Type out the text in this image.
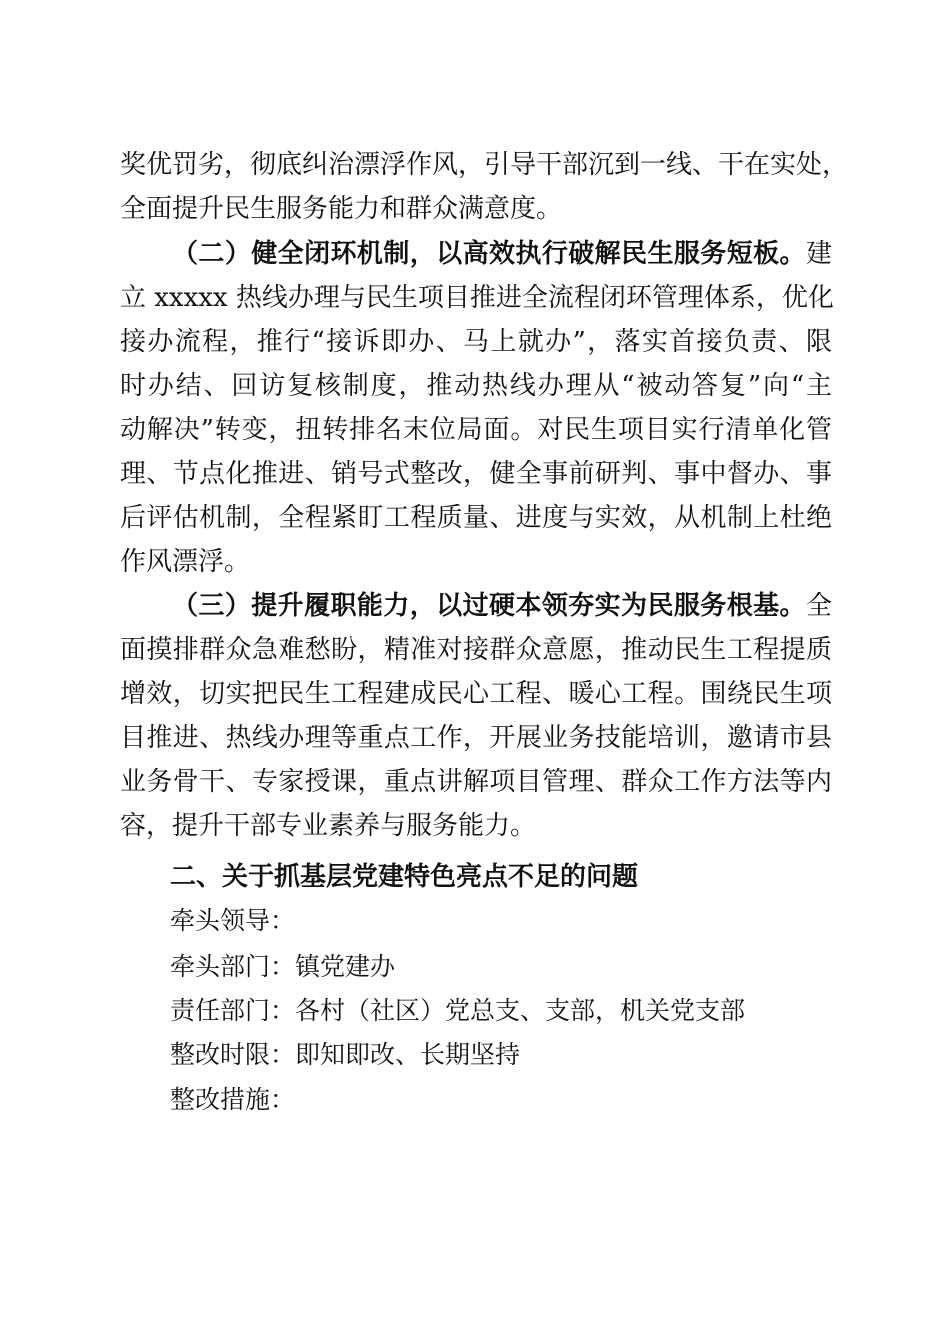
奖优罚劣，彻底纠治漂浮作风，引导干部沉到一线、干在实处，
全面提升民生服务能力和群众满意度。
（二）健全闭环机制，以高效执行破解民生服务短板。建
立 xxxxx 热线办理与民生项目推进全流程闭环管理体系，优化
接办流程，推行“接诉即办、马上就办”，落实首接负责、限
时办结、回访复核制度，推动热线办理从“被动答复”向“主
动解决”转变，扭转排名末位局面。对民生项目实行清单化管
理、节点化推进、销号式整改，健全事前研判、事中督办、事
后评估机制，全程紧盯工程质量、进度与实效，从机制上杜绝
作风漂浮。
（三）提升履职能力，以过硬本领夯实为民服务根基。全
面摸排群众急难愁盼，精准对接群众意愿，推动民生工程提质
增效，切实把民生工程建成民心工程、暖心工程。围绕民生项
目推进、热线办理等重点工作，开展业务技能培训，邀请市县
业务骨干、专家授课，重点讲解项目管理、群众工作方法等内
容，提升干部专业素养与服务能力。
二、关于抓基层党建特色亮点不足的问题
牵头领导：
牵头部门：镇党建办
责任部门：各村（社区）党总支、支部，机关党支部
整改时限：即知即改、长期坚持
整改措施：
